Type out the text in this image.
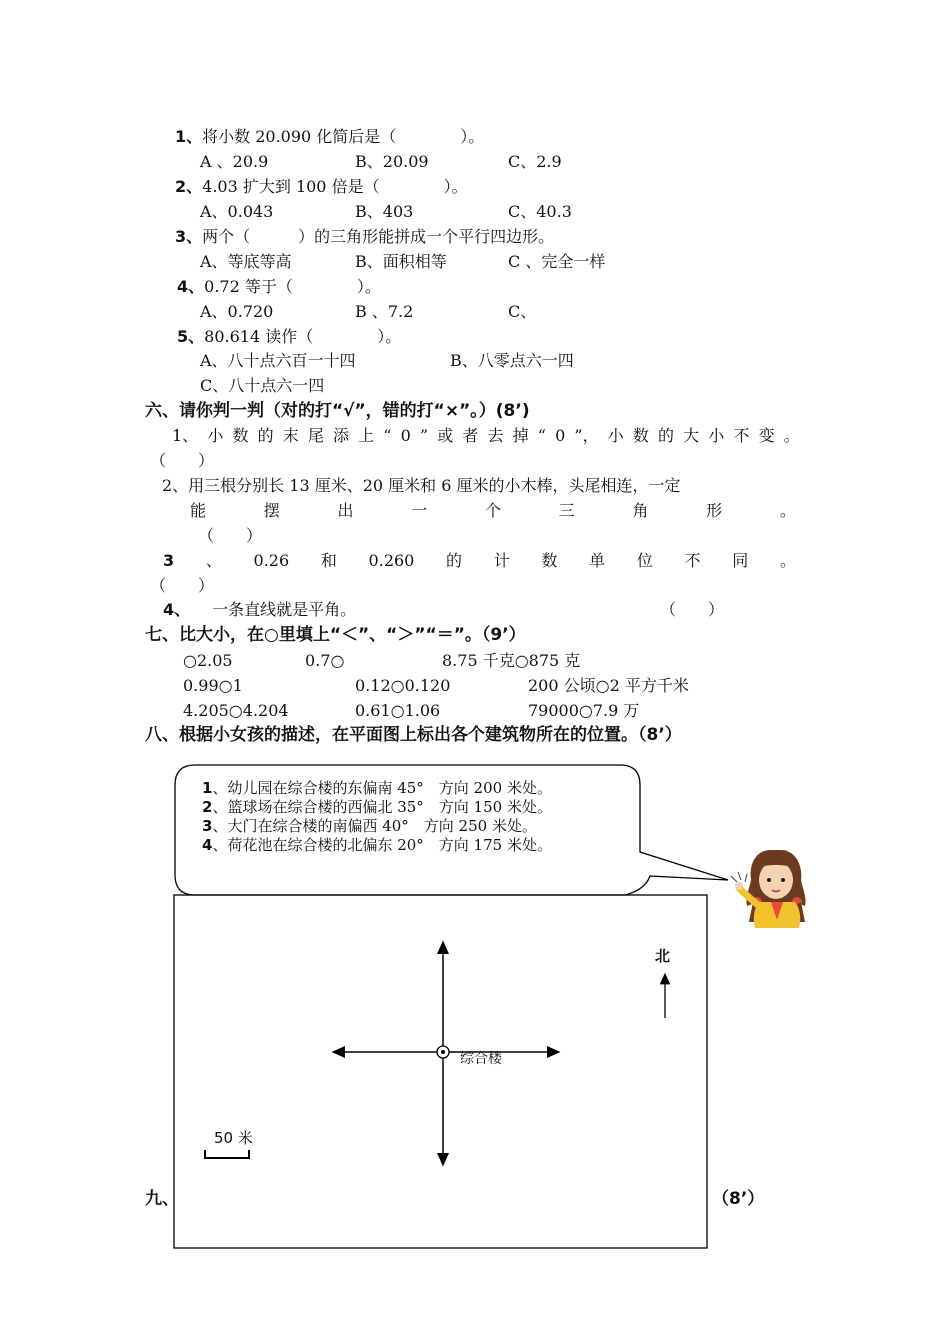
1、将小数 20.090 化简后是（　　　　）。
A 、20.9	B、20.09	C、2.9
2、4.03 扩大到 100 倍是（　　　　）。
A、0.043	B、403	C、40.3
3、两个（　　　）的三角形能拼成一个平行四边形。
A、等底等高	B、面积相等	C 、完全一样
4、0.72 等于（　　　　）。
A、0.720	B 、7.2	C、
5、80.614 读作（　　　　）。
A、八十点六百一十四	B、八零点六一四
C、八十点六一四
六、请你判一判（对的打“√”，错的打“×”。）(8’)
1、 小 数 的 末 尾 添 上 “ 0 ” 或 者 去 掉 “ 0 ”， 小 数 的 大 小 不 变 。
（　　）
2、用三根分别长 13 厘米、20 厘米和 6 厘米的小木棒，头尾相连，一定
能	摆	出	一	个	三	角	形	。
（　　）
3 、 0.26 和 0.260 的 计 数 单 位 不 同 。
（　　）
4、 一条直线就是平角。	（　　）
七、比大小，在○里填上“＜”、“＞”“＝”。（9’）
○2.05	0.7○	8.75 千克○875 克
0.99○1	0.12○0.120	200 公顷○2 平方千米
4.205○4.204	0.61○1.06	79000○7.9 万
八、根据小女孩的描述，在平面图上标出各个建筑物所在的位置。（8’）
1、幼儿园在综合楼的东偏南 45°　方向 200 米处。
2、篮球场在综合楼的西偏北 35°　方向 150 米处。
3、大门在综合楼的南偏西 40°　方向 250 米处。
4、荷花池在综合楼的北偏东 20°　方向 175 米处。
北
综合楼
50 米
九、	（8’）
